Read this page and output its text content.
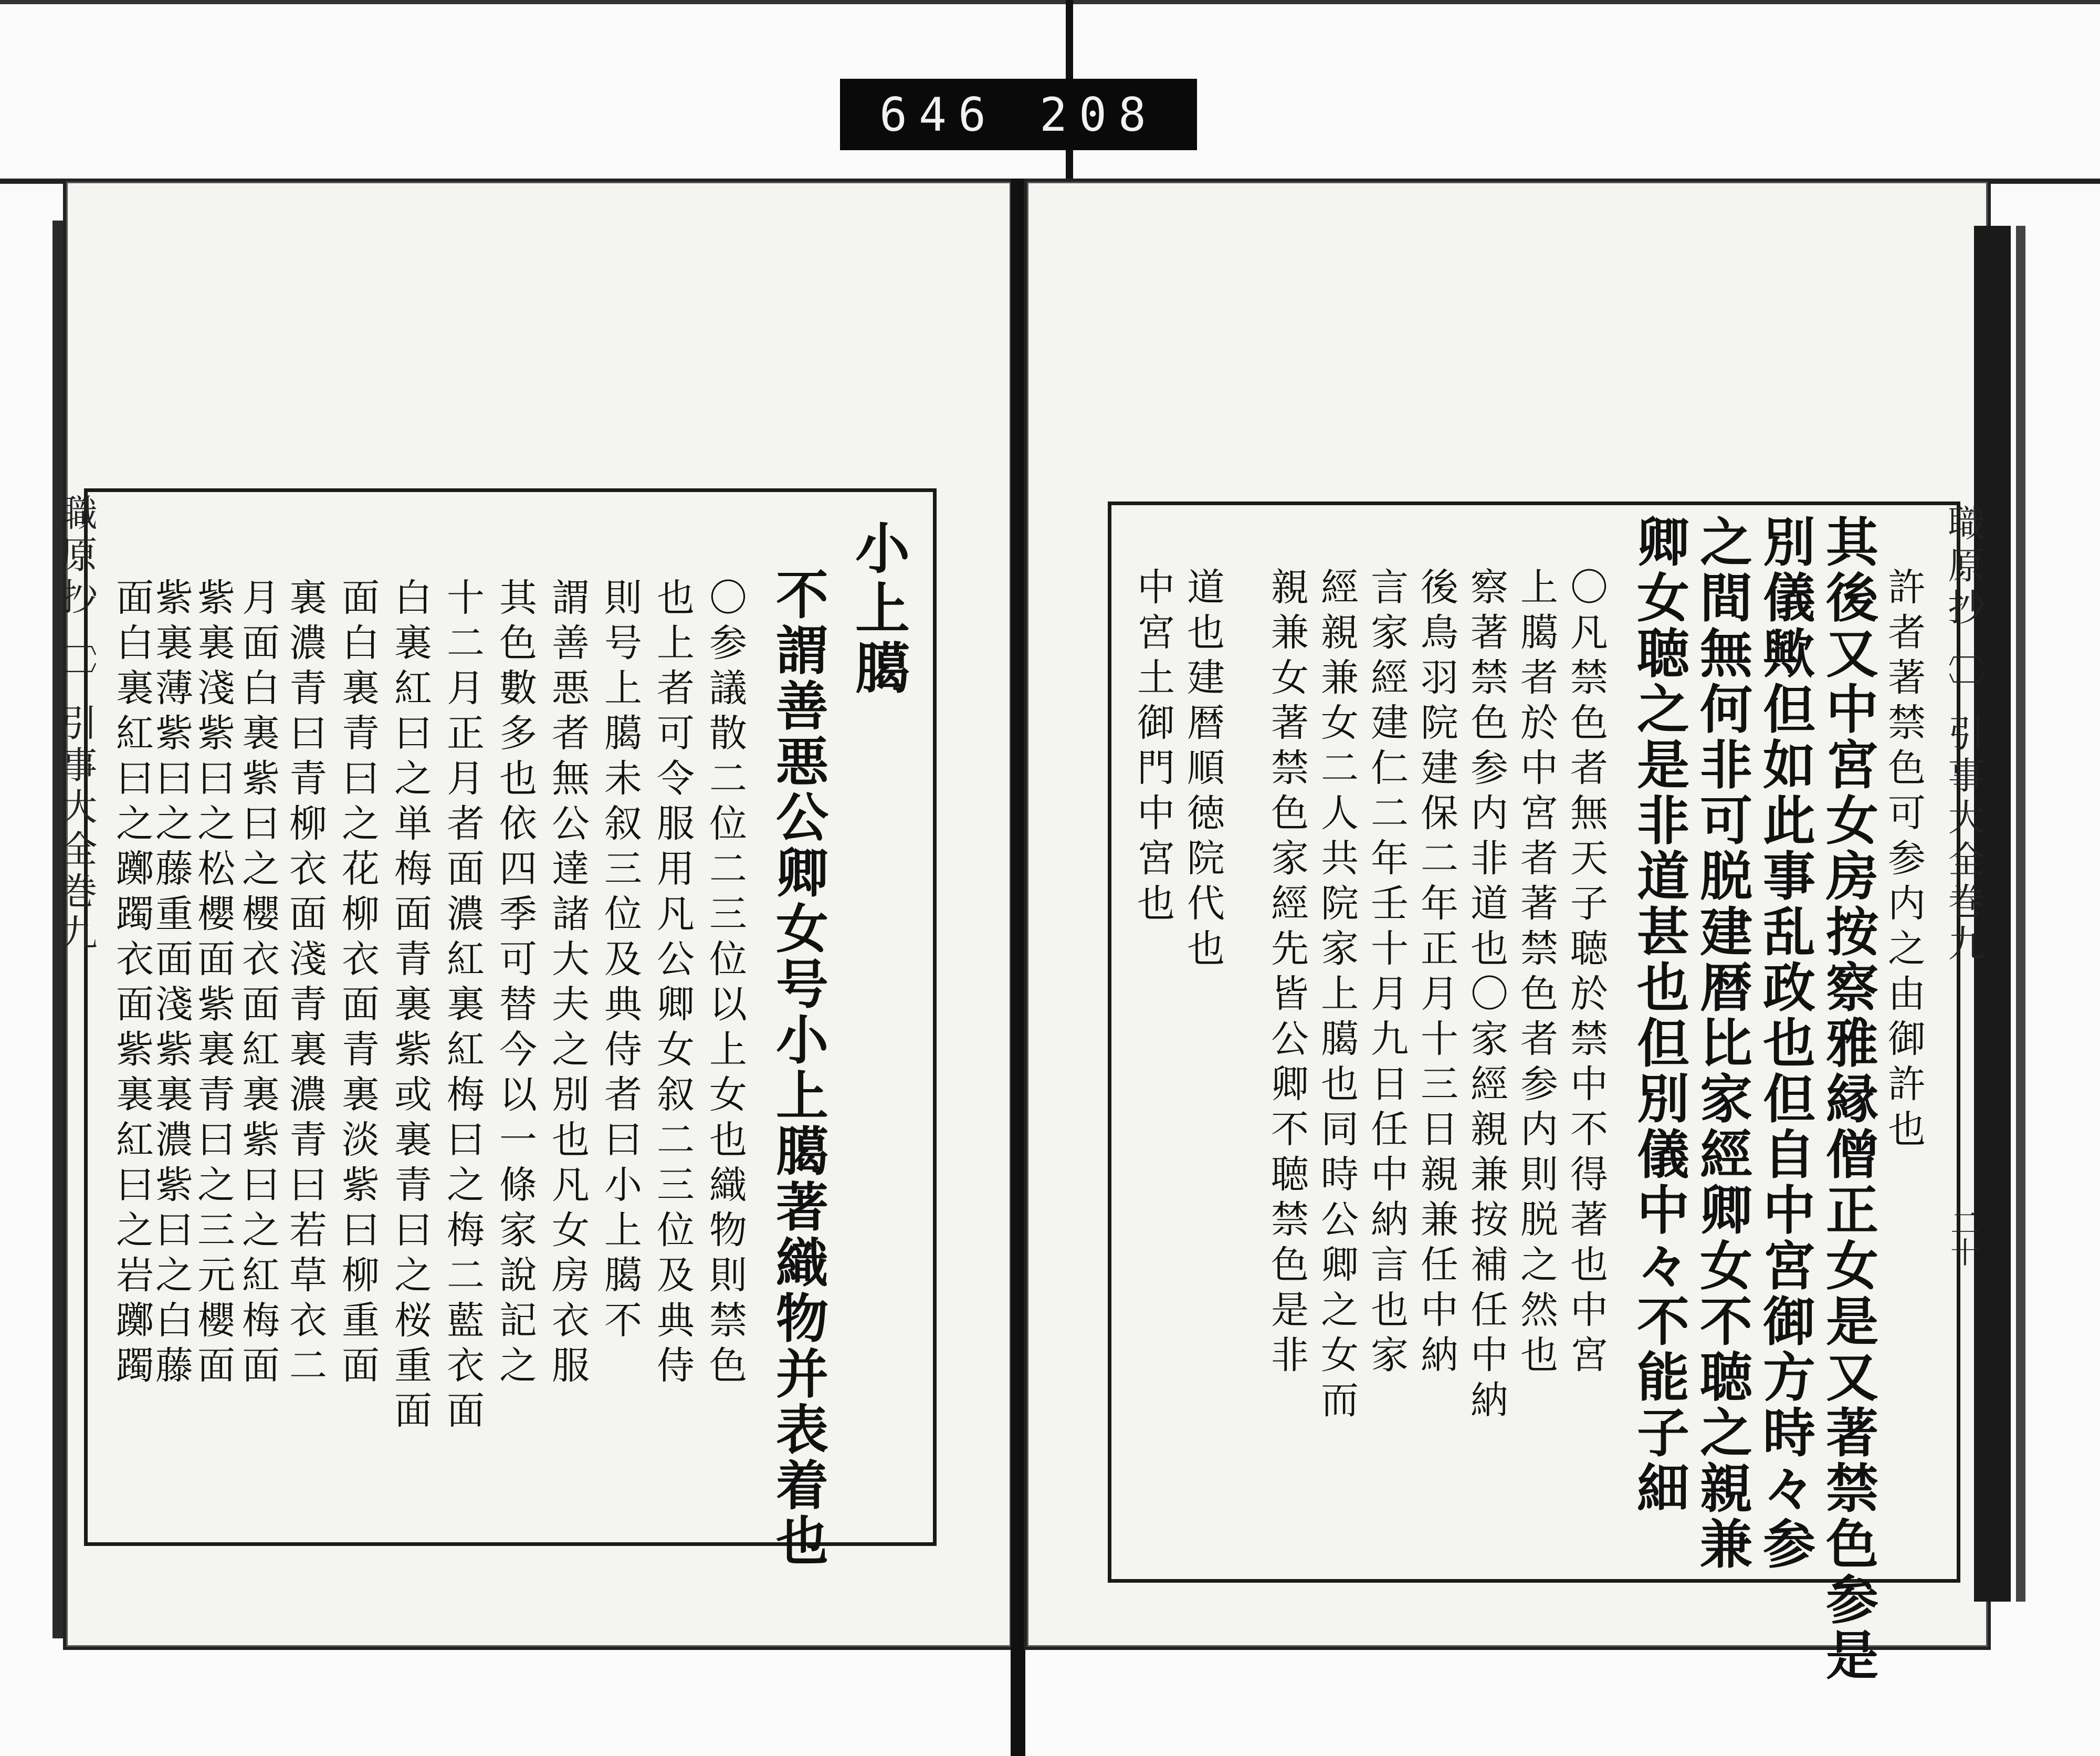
646 208
職原抄〔〕引事大全巻九	小上臈
不謂善悪公卿女号小上臈著織物并表着也
〇参議散二位二三位以上女也織物則禁色
也上者可令服用凡公卿女叙二三位及典侍
則号上臈未叙三位及典侍者曰小上臈不
謂善悪者無公達諸大夫之別也凡女房衣服
其色數多也依四季可替今以一條家說記之
十二月正月者面濃紅裏紅梅曰之梅二藍衣面
白裏紅曰之単梅面青裏紫或裏青曰之桜重面
面白裏青曰之花柳衣面青裏淡紫曰柳重面
裏濃青曰青柳衣面淺青裏濃青曰若草衣二
月面白裏紫曰之櫻衣面紅裏紫曰之紅梅面
紫裏淺紫曰之松櫻面紫裏青曰之三元櫻面
紫裏薄紫曰之藤重面淺紫裏濃紫曰之白藤
面白裏紅曰之躑躅衣面紫裏紅曰之岩躑躅	職原抄〔〕引事大全巻九
二十
許者著禁色可参内之由御許也
其後又中宮女房按察雅縁僧正女是又著禁色参是
別儀歟但如此事乱政也但自中宮御方時々参
之間無何非可脱建暦比家經卿女不聴之親兼
卿女聴之是非道甚也但別儀中々不能子細
〇凡禁色者無天子聴於禁中不得著也中宮
上臈者於中宮者著禁色者参内則脱之然也
察著禁色参内非道也〇家經親兼按補任中納
後鳥羽院建保二年正月十三日親兼任中納
言家經建仁二年壬十月九日任中納言也家
經親兼女二人共院家上臈也同時公卿之女而
親兼女著禁色家經先皆公卿不聴禁色是非
道也建暦順徳院代也
中宮土御門中宮也
